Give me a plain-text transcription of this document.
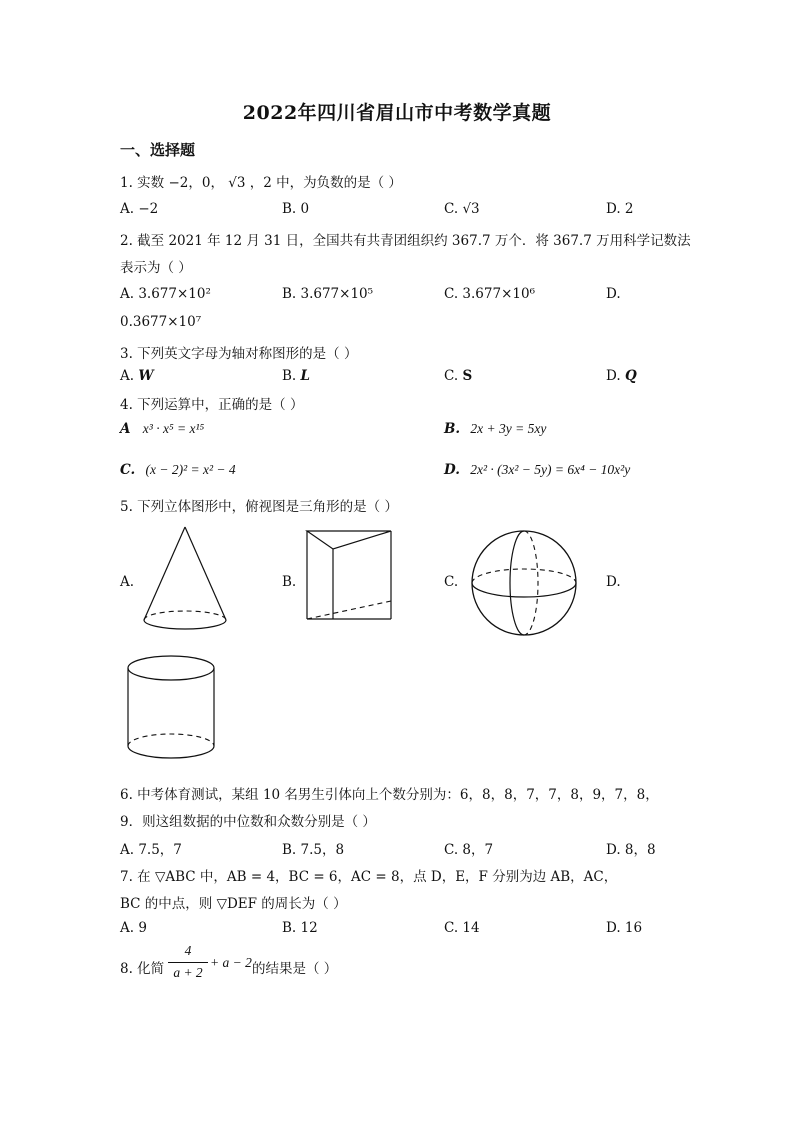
2022年四川省眉山市中考数学真题
一、选择题
1. 实数 −2，0， √3 ，2 中，为负数的是（ ）
A. −2	B. 0	C. √3	D. 2
2. 截至 2021 年 12 月 31 日，全国共有共青团组织约 367.7 万个．将 367.7 万用科学记数法
表示为（ ）
A. 3.677×10²	B. 3.677×10⁵	C. 3.677×10⁶	D.
0.3677×10⁷
3. 下列英文字母为轴对称图形的是（ ）
A. W	B. L	C. S	D. Q
4. 下列运算中，正确的是（ ）
A x³ · x⁵ = x¹⁵	B. 2x + 3y = 5xy
C. (x − 2)² = x² − 4	D. 2x² · (3x² − 5y) = 6x⁴ − 10x²y
5. 下列立体图形中，俯视图是三角形的是（ ）
A.	B.	C.	D.
6. 中考体育测试，某组 10 名男生引体向上个数分别为：6，8，8，7，7，8，9，7，8，
9．则这组数据的中位数和众数分别是（ ）
A. 7.5，7	B. 7.5，8	C. 8，7	D. 8，8
7. 在 ▽ABC 中，AB = 4，BC = 6，AC = 8，点 D，E，F 分别为边 AB，AC，
BC 的中点，则 ▽DEF 的周长为（ ）
A. 9	B. 12	C. 14	D. 16
8. 化简
4
a + 2
+ a − 2 的结果是（ ）
